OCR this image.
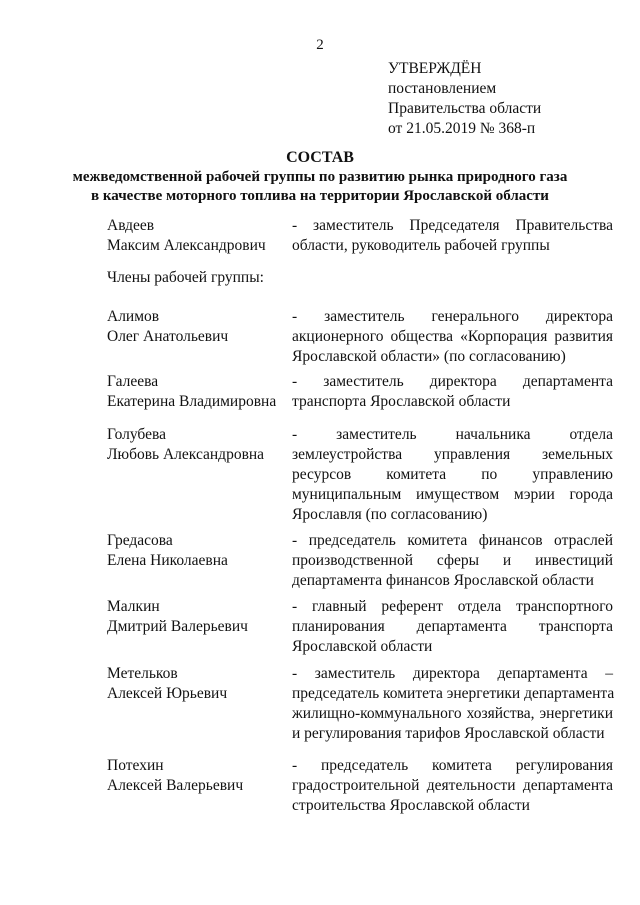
2
УТВЕРЖДЁН
постановлением
Правительства области
от 21.05.2019 № 368-п
СОСТАВ
межведомственной рабочей группы по развитию рынка природного газа
в качестве моторного топлива на территории Ярославской области
Авдеев
Максим Александрович
- заместитель Председателя Правительства
области, руководитель рабочей группы
Члены рабочей группы:
Алимов
Олег Анатольевич
- заместитель генерального директора
акционерного общества «Корпорация развития
Ярославской области» (по согласованию)
Галеева
Екатерина Владимировна
- заместитель директора департамента
транспорта Ярославской области
Голубева
Любовь Александровна
- заместитель начальника отдела
землеустройства управления земельных
ресурсов комитета по управлению
муниципальным имуществом мэрии города
Ярославля (по согласованию)
Гредасова
Елена Николаевна
- председатель комитета финансов отраслей
производственной сферы и инвестиций
департамента финансов Ярославской области
Малкин
Дмитрий Валерьевич
- главный референт отдела транспортного
планирования департамента транспорта
Ярославской области
Метельков
Алексей Юрьевич
- заместитель директора департамента –
председатель комитета энергетики департамента
жилищно-коммунального хозяйства, энергетики
и регулирования тарифов Ярославской области
Потехин
Алексей Валерьевич
- председатель комитета регулирования
градостроительной деятельности департамента
строительства Ярославской области
